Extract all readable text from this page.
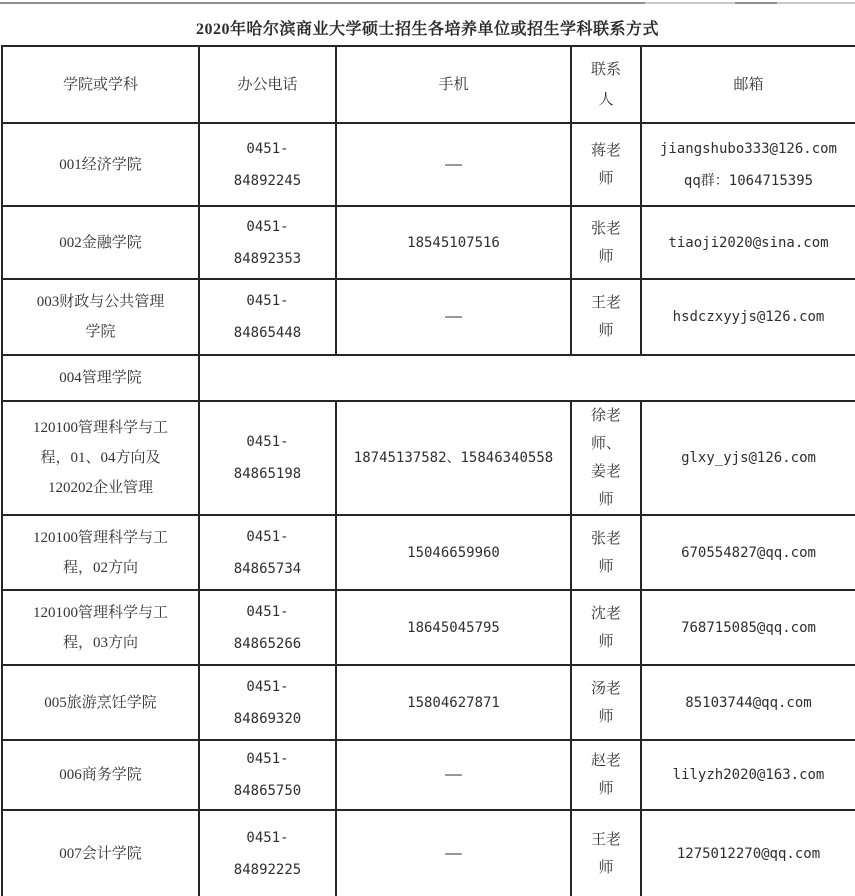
2020年哈尔滨商业大学硕士招生各培养单位或招生学科联系方式
学院或学科	办公电话	手机	联系人	邮箱

001经济学院	0451-84892245	——	蒋老师	jiangshubo333@126.com
qq群：1064715395

002金融学院	0451-84892353	18545107516	张老师	tiaoji2020@sina.com

003财政与公共管理学院	0451-84865448	——	王老师	hsdczxyyjs@126.com

004管理学院				

120100管理科学与工程，01、04方向及120202企业管理	0451-84865198	18745137582、15846340558	徐老师、姜老师	glxy_yjs@126.com

120100管理科学与工程，02方向	0451-84865734	15046659960	张老师	670554827@qq.com

120100管理科学与工程，03方向	0451-84865266	18645045795	沈老师	768715085@qq.com

005旅游烹饪学院	0451-84869320	15804627871	汤老师	85103744@qq.com

006商务学院	0451-84865750	——	赵老师	lilyzh2020@163.com

007会计学院	0451-84892225	——	王老师	1275012270@qq.com
